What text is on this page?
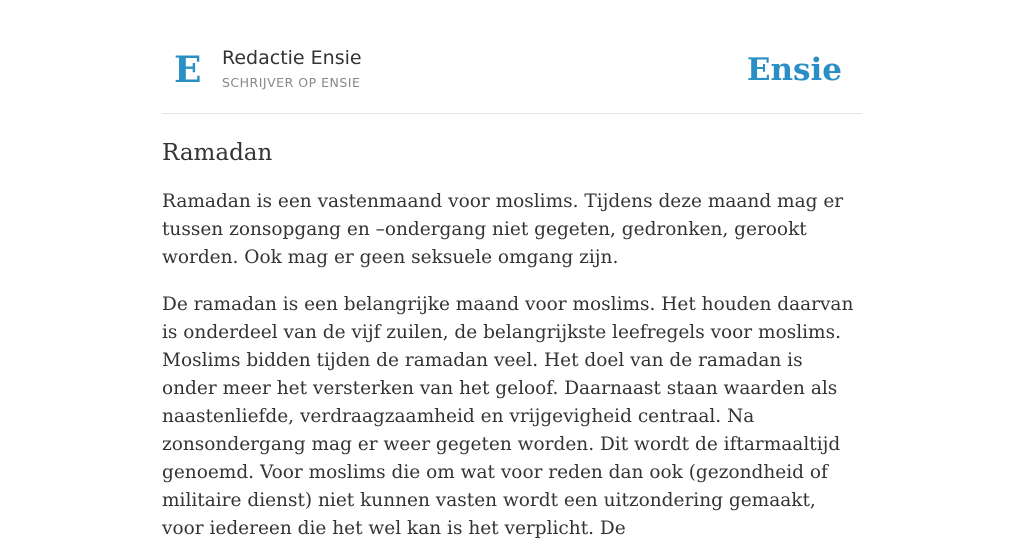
E Redactie Ensie
SCHRIJVER OP ENSIE	Ensie
Ramadan

Ramadan is een vastenmaand voor moslims. Tijdens deze maand mag er tussen zonsopgang en –ondergang niet gegeten, gedronken, gerookt worden. Ook mag er geen seksuele omgang zijn.

De ramadan is een belangrijke maand voor moslims. Het houden daarvan is onderdeel van de vijf zuilen, de belangrijkste leefregels voor moslims. Moslims bidden tijden de ramadan veel. Het doel van de ramadan is onder meer het versterken van het geloof. Daarnaast staan waarden als naastenliefde, verdraagzaamheid en vrijgevigheid centraal. Na zonsondergang mag er weer gegeten worden. Dit wordt de iftarmaaltijd genoemd. Voor moslims die om wat voor reden dan ook (gezondheid of militaire dienst) niet kunnen vasten wordt een uitzondering gemaakt, voor iedereen die het wel kan is het verplicht. De
